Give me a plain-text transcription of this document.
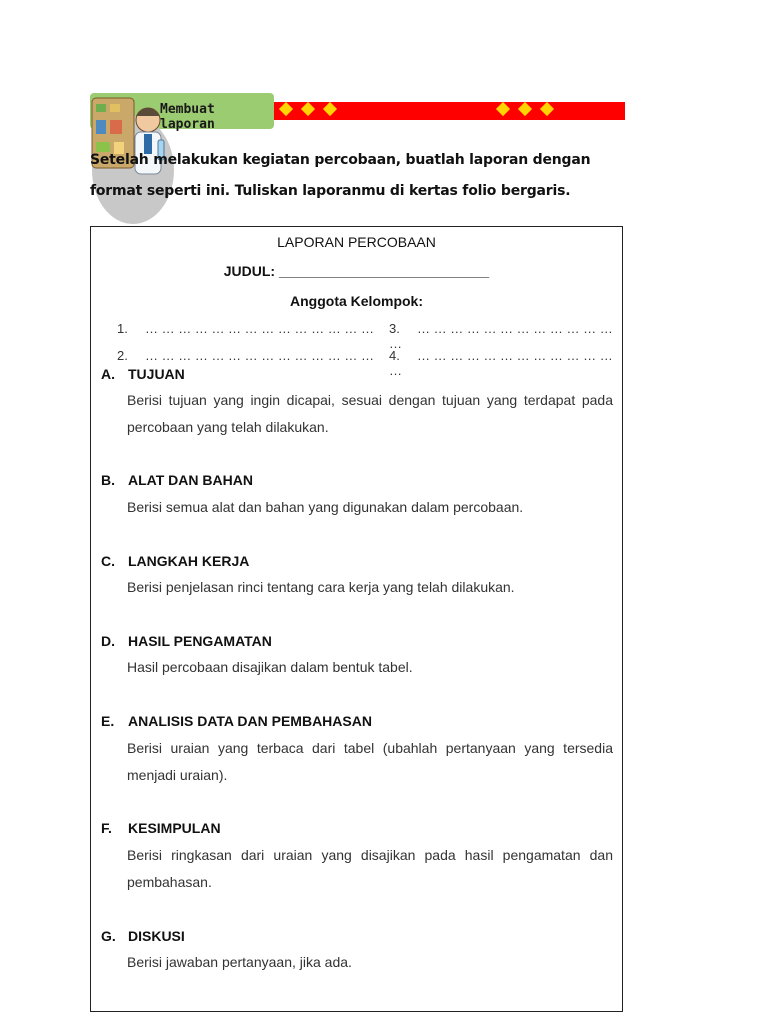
Membuat laporan
Setelah melakukan kegiatan percobaan, buatlah laporan dengan
format seperti ini. Tuliskan laporanmu di kertas folio bergaris.
LAPORAN PERCOBAAN
JUDUL: ___________________________
Anggota Kelompok:
1. … … … … … … … … … … … … … …
2. … … … … … … … … … … … … … …
3. … … … … … … … … … … … … …
4. … … … … … … … … … … … … …
A. TUJUAN
Berisi tujuan yang ingin dicapai, sesuai dengan tujuan yang terdapat pada percobaan yang telah dilakukan.
B. ALAT DAN BAHAN
Berisi semua alat dan bahan yang digunakan dalam percobaan.
C. LANGKAH KERJA
Berisi penjelasan rinci tentang cara kerja yang telah dilakukan.
D. HASIL PENGAMATAN
Hasil percobaan disajikan dalam bentuk tabel.
E. ANALISIS DATA DAN PEMBAHASAN
Berisi uraian yang terbaca dari tabel (ubahlah pertanyaan yang tersedia menjadi uraian).
F. KESIMPULAN
Berisi ringkasan dari uraian yang disajikan pada hasil pengamatan dan pembahasan.
G. DISKUSI
Berisi jawaban pertanyaan, jika ada.
